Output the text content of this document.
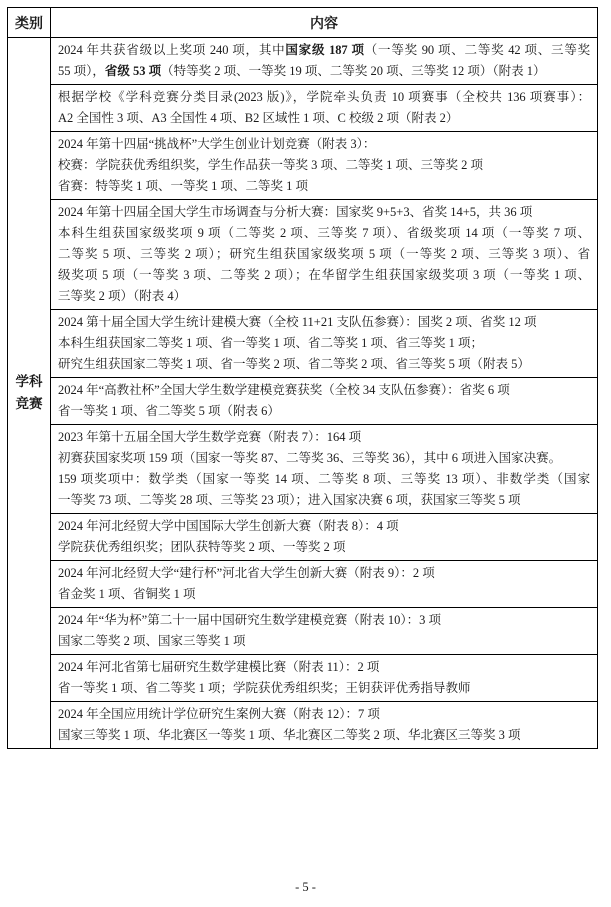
类别	内容
学科竞赛
2024 年共获省级以上奖项 240 项，其中国家级 187 项（一等奖 90 项、二等奖 42 项、三等奖
55 项），省级 53 项（特等奖 2 项、一等奖 19 项、二等奖 20 项、三等奖 12 项）（附表 1）
根据学校《学科竞赛分类目录(2023 版)》，学院牵头负责 10 项赛事（全校共 136 项赛事）：
A2 全国性 3 项、A3 全国性 4 项、B2 区域性 1 项、C 校级 2 项（附表 2）
2024 年第十四届“挑战杯”大学生创业计划竞赛（附表 3）：
校赛：学院获优秀组织奖，学生作品获一等奖 3 项、二等奖 1 项、三等奖 2 项
省赛：特等奖 1 项、一等奖 1 项、二等奖 1 项
2024 年第十四届全国大学生市场调查与分析大赛：国家奖 9+5+3、省奖 14+5，共 36 项
本科生组获国家级奖项 9 项（二等奖 2 项、三等奖 7 项）、省级奖项 14 项（一等奖 7 项、
二等奖 5 项、三等奖 2 项）；研究生组获国家级奖项 5 项（一等奖 2 项、三等奖 3 项）、省
级奖项 5 项（一等奖 3 项、二等奖 2 项）；在华留学生组获国家级奖项 3 项（一等奖 1 项、
三等奖 2 项）（附表 4）
2024 第十届全国大学生统计建模大赛（全校 11+21 支队伍参赛）：国奖 2 项、省奖 12 项
本科生组获国家二等奖 1 项、省一等奖 1 项、省二等奖 1 项、省三等奖 1 项；
研究生组获国家二等奖 1 项、省一等奖 2 项、省二等奖 2 项、省三等奖 5 项（附表 5）
2024 年“高教社杯”全国大学生数学建模竞赛获奖（全校 34 支队伍参赛）：省奖 6 项
省一等奖 1 项、省二等奖 5 项（附表 6）
2023 年第十五届全国大学生数学竞赛（附表 7）：164 项
初赛获国家奖项 159 项（国家一等奖 87、二等奖 36、三等奖 36），其中 6 项进入国家决赛。
159 项奖项中：数学类（国家一等奖 14 项、二等奖 8 项、三等奖 13 项）、非数学类（国家
一等奖 73 项、二等奖 28 项、三等奖 23 项）；进入国家决赛 6 项，获国家三等奖 5 项
2024 年河北经贸大学中国国际大学生创新大赛（附表 8）：4 项
学院获优秀组织奖；团队获特等奖 2 项、一等奖 2 项
2024 年河北经贸大学“建行杯”河北省大学生创新大赛（附表 9）：2 项
省金奖 1 项、省铜奖 1 项
2024 年“华为杯”第二十一届中国研究生数学建模竞赛（附表 10）：3 项
国家二等奖 2 项、国家三等奖 1 项
2024 年河北省第七届研究生数学建模比赛（附表 11）：2 项
省一等奖 1 项、省二等奖 1 项；学院获优秀组织奖；王钥获评优秀指导教师
2024 年全国应用统计学位研究生案例大赛（附表 12）：7 项
国家三等奖 1 项、华北赛区一等奖 1 项、华北赛区二等奖 2 项、华北赛区三等奖 3 项
- 5 -
